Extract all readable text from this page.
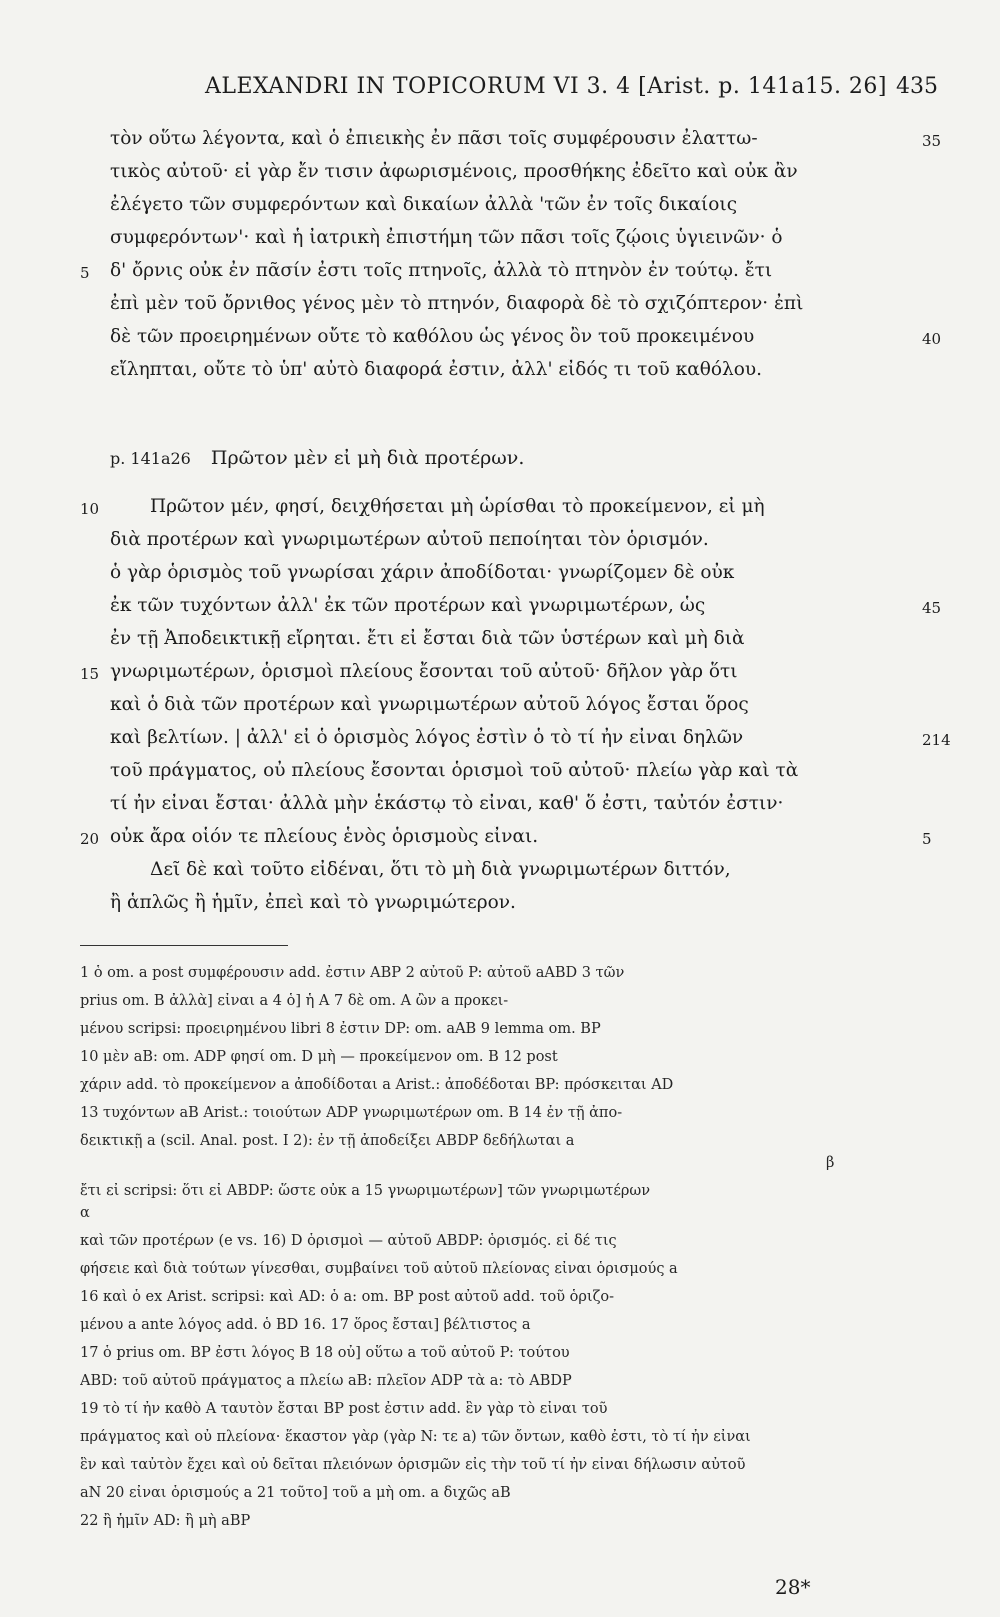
ALEXANDRI IN TOPICORUM VI 3. 4 [Arist. p. 141a15. 26] 435
τὸν οὕτω λέγοντα, καὶ ὁ ἐπιεικὴς ἐν πᾶσι τοῖς συμφέρουσιν ἐλαττω-
τικὸς αὐτοῦ· εἰ γὰρ ἔν τισιν ἀφωρισμένοις, προσθήκης ἐδεῖτο καὶ οὐκ ἂν
ἐλέγετο τῶν συμφερόντων καὶ δικαίων ἀλλὰ 'τῶν ἐν τοῖς δικαίοις
συμφερόντων'· καὶ ἡ ἰατρικὴ ἐπιστήμη τῶν πᾶσι τοῖς ζῴοις ὑγιεινῶν· ὁ
δ' ὄρνις οὐκ ἐν πᾶσίν ἐστι τοῖς πτηνοῖς, ἀλλὰ τὸ πτηνὸν ἐν τούτῳ. ἔτι
ἐπὶ μὲν τοῦ ὄρνιθος γένος μὲν τὸ πτηνόν, διαφορὰ δὲ τὸ σχιζόπτερον· ἐπὶ
δὲ τῶν προειρημένων οὔτε τὸ καθόλου ὡς γένος ὂν τοῦ προκειμένου
εἴληπται, οὔτε τὸ ὑπ' αὐτὸ διαφορά ἐστιν, ἀλλ' εἶδός τι τοῦ καθόλου.
35
5
40
p. 141a26 Πρῶτον μὲν εἰ μὴ διὰ προτέρων.
Πρῶτον μέν, φησί, δειχθήσεται μὴ ὡρίσθαι τὸ προκείμενον, εἰ μὴ
διὰ προτέρων καὶ γνωριμωτέρων αὐτοῦ πεποίηται τὸν ὁρισμόν.
ὁ γὰρ ὁρισμὸς τοῦ γνωρίσαι χάριν ἀποδίδοται· γνωρίζομεν δὲ οὐκ
ἐκ τῶν τυχόντων ἀλλ' ἐκ τῶν προτέρων καὶ γνωριμωτέρων, ὡς
ἐν τῇ Ἀποδεικτικῇ εἴρηται. ἔτι εἰ ἔσται διὰ τῶν ὑστέρων καὶ μὴ διὰ
γνωριμωτέρων, ὁρισμοὶ πλείους ἔσονται τοῦ αὐτοῦ· δῆλον γὰρ ὅτι
καὶ ὁ διὰ τῶν προτέρων καὶ γνωριμωτέρων αὐτοῦ λόγος ἔσται ὅρος
καὶ βελτίων. | ἀλλ' εἰ ὁ ὁρισμὸς λόγος ἐστὶν ὁ τὸ τί ἦν εἶναι δηλῶν
τοῦ πράγματος, οὐ πλείους ἔσονται ὁρισμοὶ τοῦ αὐτοῦ· πλείω γὰρ καὶ τὰ
τί ἦν εἶναι ἔσται· ἀλλὰ μὴν ἑκάστῳ τὸ εἶναι, καθ' ὅ ἐστι, ταὐτόν ἐστιν·
οὐκ ἄρα οἷόν τε πλείους ἑνὸς ὁρισμοὺς εἶναι.
Δεῖ δὲ καὶ τοῦτο εἰδέναι, ὅτι τὸ μὴ διὰ γνωριμωτέρων διττόν,
ἢ ἁπλῶς ἢ ἡμῖν, ἐπεὶ καὶ τὸ γνωριμώτερον.
10
45
15
214
20	5
1 ὁ om. a post συμφέρουσιν add. ἐστιν ABP 2 αὐτοῦ P: αὐτοῦ aABD 3 τῶν
prius om. B ἀλλὰ] εἶναι a 4 ὁ] ἡ A 7 δὲ om. A ὢν a προκει-
μένου scripsi: προειρημένου libri 8 ἐστιν DP: om. aAB 9 lemma om. BP
10 μὲν aB: om. ADP φησί om. D μὴ — προκείμενον om. B 12 post
χάριν add. τὸ προκείμενον a ἀποδίδοται a Arist.: ἀποδέδοται BP: πρόσκειται AD
13 τυχόντων aB Arist.: τοιούτων ADP γνωριμωτέρων om. B 14 ἐν τῇ ἀπο-
δεικτικῇ a (scil. Anal. post. I 2): ἐν τῇ ἀποδείξει ABDP δεδήλωται a
β
ἔτι εἰ scripsi: ὅτι εἰ ABDP: ὥστε οὐκ a 15 γνωριμωτέρων] τῶν γνωριμωτέρων
α
καὶ τῶν προτέρων (e vs. 16) D ὁρισμοὶ — αὐτοῦ ABDP: ὁρισμός. εἰ δέ τις
φήσειε καὶ διὰ τούτων γίνεσθαι, συμβαίνει τοῦ αὐτοῦ πλείονας εἶναι ὁρισμούς a
16 καὶ ὁ ex Arist. scripsi: καὶ AD: ὁ a: om. BP post αὐτοῦ add. τοῦ ὁριζο-
μένου a ante λόγος add. ὁ BD 16. 17 ὅρος ἔσται] βέλτιστος a
17 ὁ prius om. BP ἐστι λόγος B 18 οὐ] οὕτω a τοῦ αὐτοῦ P: τούτου
ABD: τοῦ αὐτοῦ πράγματος a πλείω aB: πλεῖον ADP τὰ a: τὸ ABDP
19 τὸ τί ἦν καθὸ A ταυτὸν ἔσται BP post ἐστιν add. ἓν γὰρ τὸ εἶναι τοῦ
πράγματος καὶ οὐ πλείονα· ἕκαστον γὰρ (γὰρ N: τε a) τῶν ὄντων, καθὸ ἐστι, τὸ τί ἦν εἶναι
ἓν καὶ ταὐτὸν ἔχει καὶ οὐ δεῖται πλειόνων ὁρισμῶν εἰς τὴν τοῦ τί ἦν εἶναι δήλωσιν αὐτοῦ
aN 20 εἶναι ὁρισμούς a 21 τοῦτο] τοῦ a μὴ om. a διχῶς aB
22 ἢ ἡμῖν AD: ἢ μὴ aBP
28*
